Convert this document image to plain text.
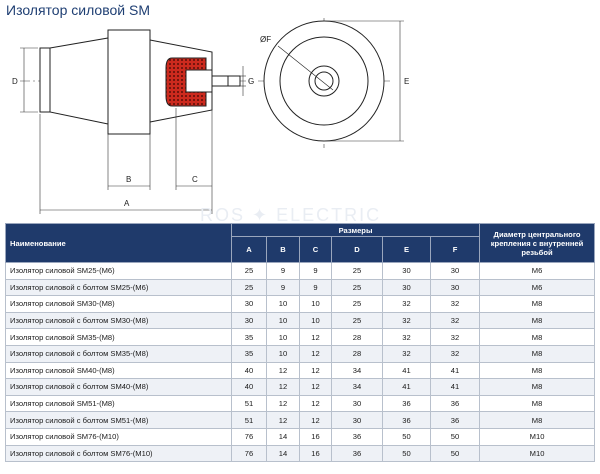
Изолятор силовой SM
D
B	C
A
G
ØF
E
ROS ✦ ELECTRIC
Наименование	Размеры						Диаметр центрального крепления с внутренней резьбой
	A	B	C	D	E	F	
Изолятор силовой SM25-(M6)	25	9	9	25	30	30	M6
Изолятор силовой с болтом SM25-(M6)	25	9	9	25	30	30	M6
Изолятор силовой SM30-(M8)	30	10	10	25	32	32	M8
Изолятор силовой с болтом SM30-(M8)	30	10	10	25	32	32	M8
Изолятор силовой SM35-(M8)	35	10	12	28	32	32	M8
Изолятор силовой с болтом SM35-(M8)	35	10	12	28	32	32	M8
Изолятор силовой SM40-(M8)	40	12	12	34	41	41	M8
Изолятор силовой с болтом SM40-(M8)	40	12	12	34	41	41	M8
Изолятор силовой SM51-(M8)	51	12	12	30	36	36	M8
Изолятор силовой с болтом SM51-(M8)	51	12	12	30	36	36	M8
Изолятор силовой SM76-(M10)	76	14	16	36	50	50	M10
Изолятор силовой с болтом SM76-(M10)	76	14	16	36	50	50	M10
